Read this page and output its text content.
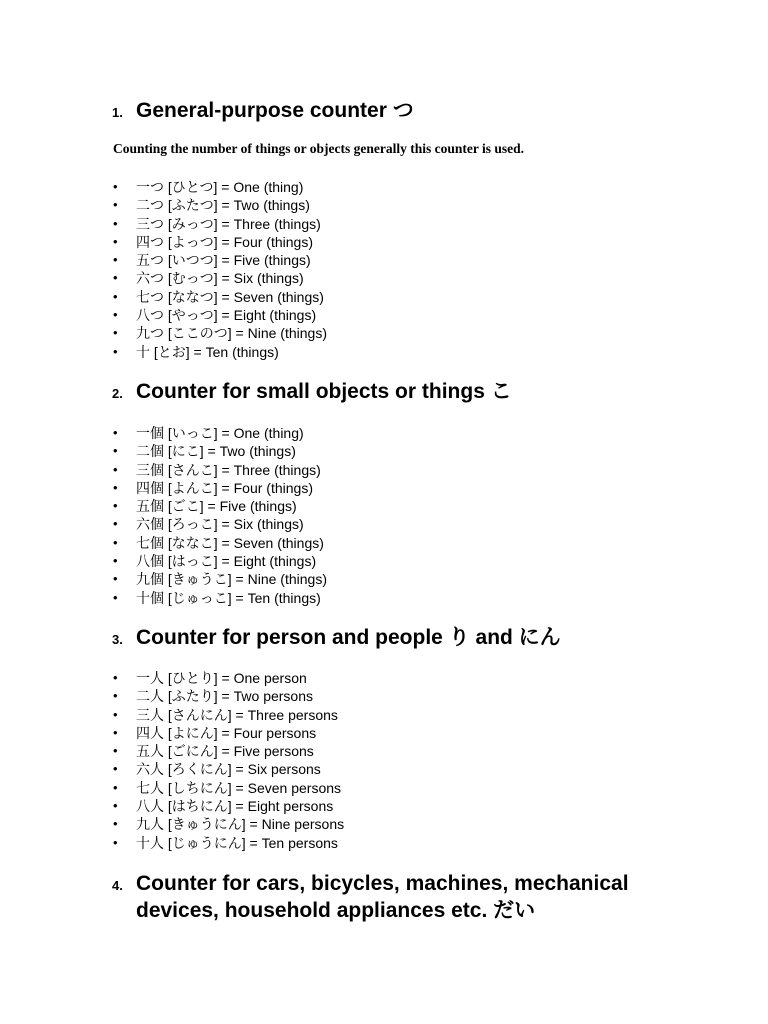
1. General-purpose counter つ
Counting the number of things or objects generally this counter is used.
• 一つ [ひとつ] = One (thing)
• 二つ [ふたつ] = Two (things)
• 三つ [みっつ] = Three (things)
• 四つ [よっつ] = Four (things)
• 五つ [いつつ] = Five (things)
• 六つ [むっつ] = Six (things)
• 七つ [ななつ] = Seven (things)
• 八つ [やっつ] = Eight (things)
• 九つ [ここのつ] = Nine (things)
• 十 [とお] = Ten (things)
2. Counter for small objects or things こ
• 一個 [いっこ] = One (thing)
• 二個 [にこ] = Two (things)
• 三個 [さんこ] = Three (things)
• 四個 [よんこ] = Four (things)
• 五個 [ごこ] = Five (things)
• 六個 [ろっこ] = Six (things)
• 七個 [ななこ] = Seven (things)
• 八個 [はっこ] = Eight (things)
• 九個 [きゅうこ] = Nine (things)
• 十個 [じゅっこ] = Ten (things)
3. Counter for person and people り and にん
• 一人 [ひとり] = One person
• 二人 [ふたり] = Two persons
• 三人 [さんにん] = Three persons
• 四人 [よにん] = Four persons
• 五人 [ごにん] = Five persons
• 六人 [ろくにん] = Six persons
• 七人 [しちにん] = Seven persons
• 八人 [はちにん] = Eight persons
• 九人 [きゅうにん] = Nine persons
• 十人 [じゅうにん] = Ten persons
4. Counter for cars, bicycles, machines, mechanical devices, household appliances etc. だい
